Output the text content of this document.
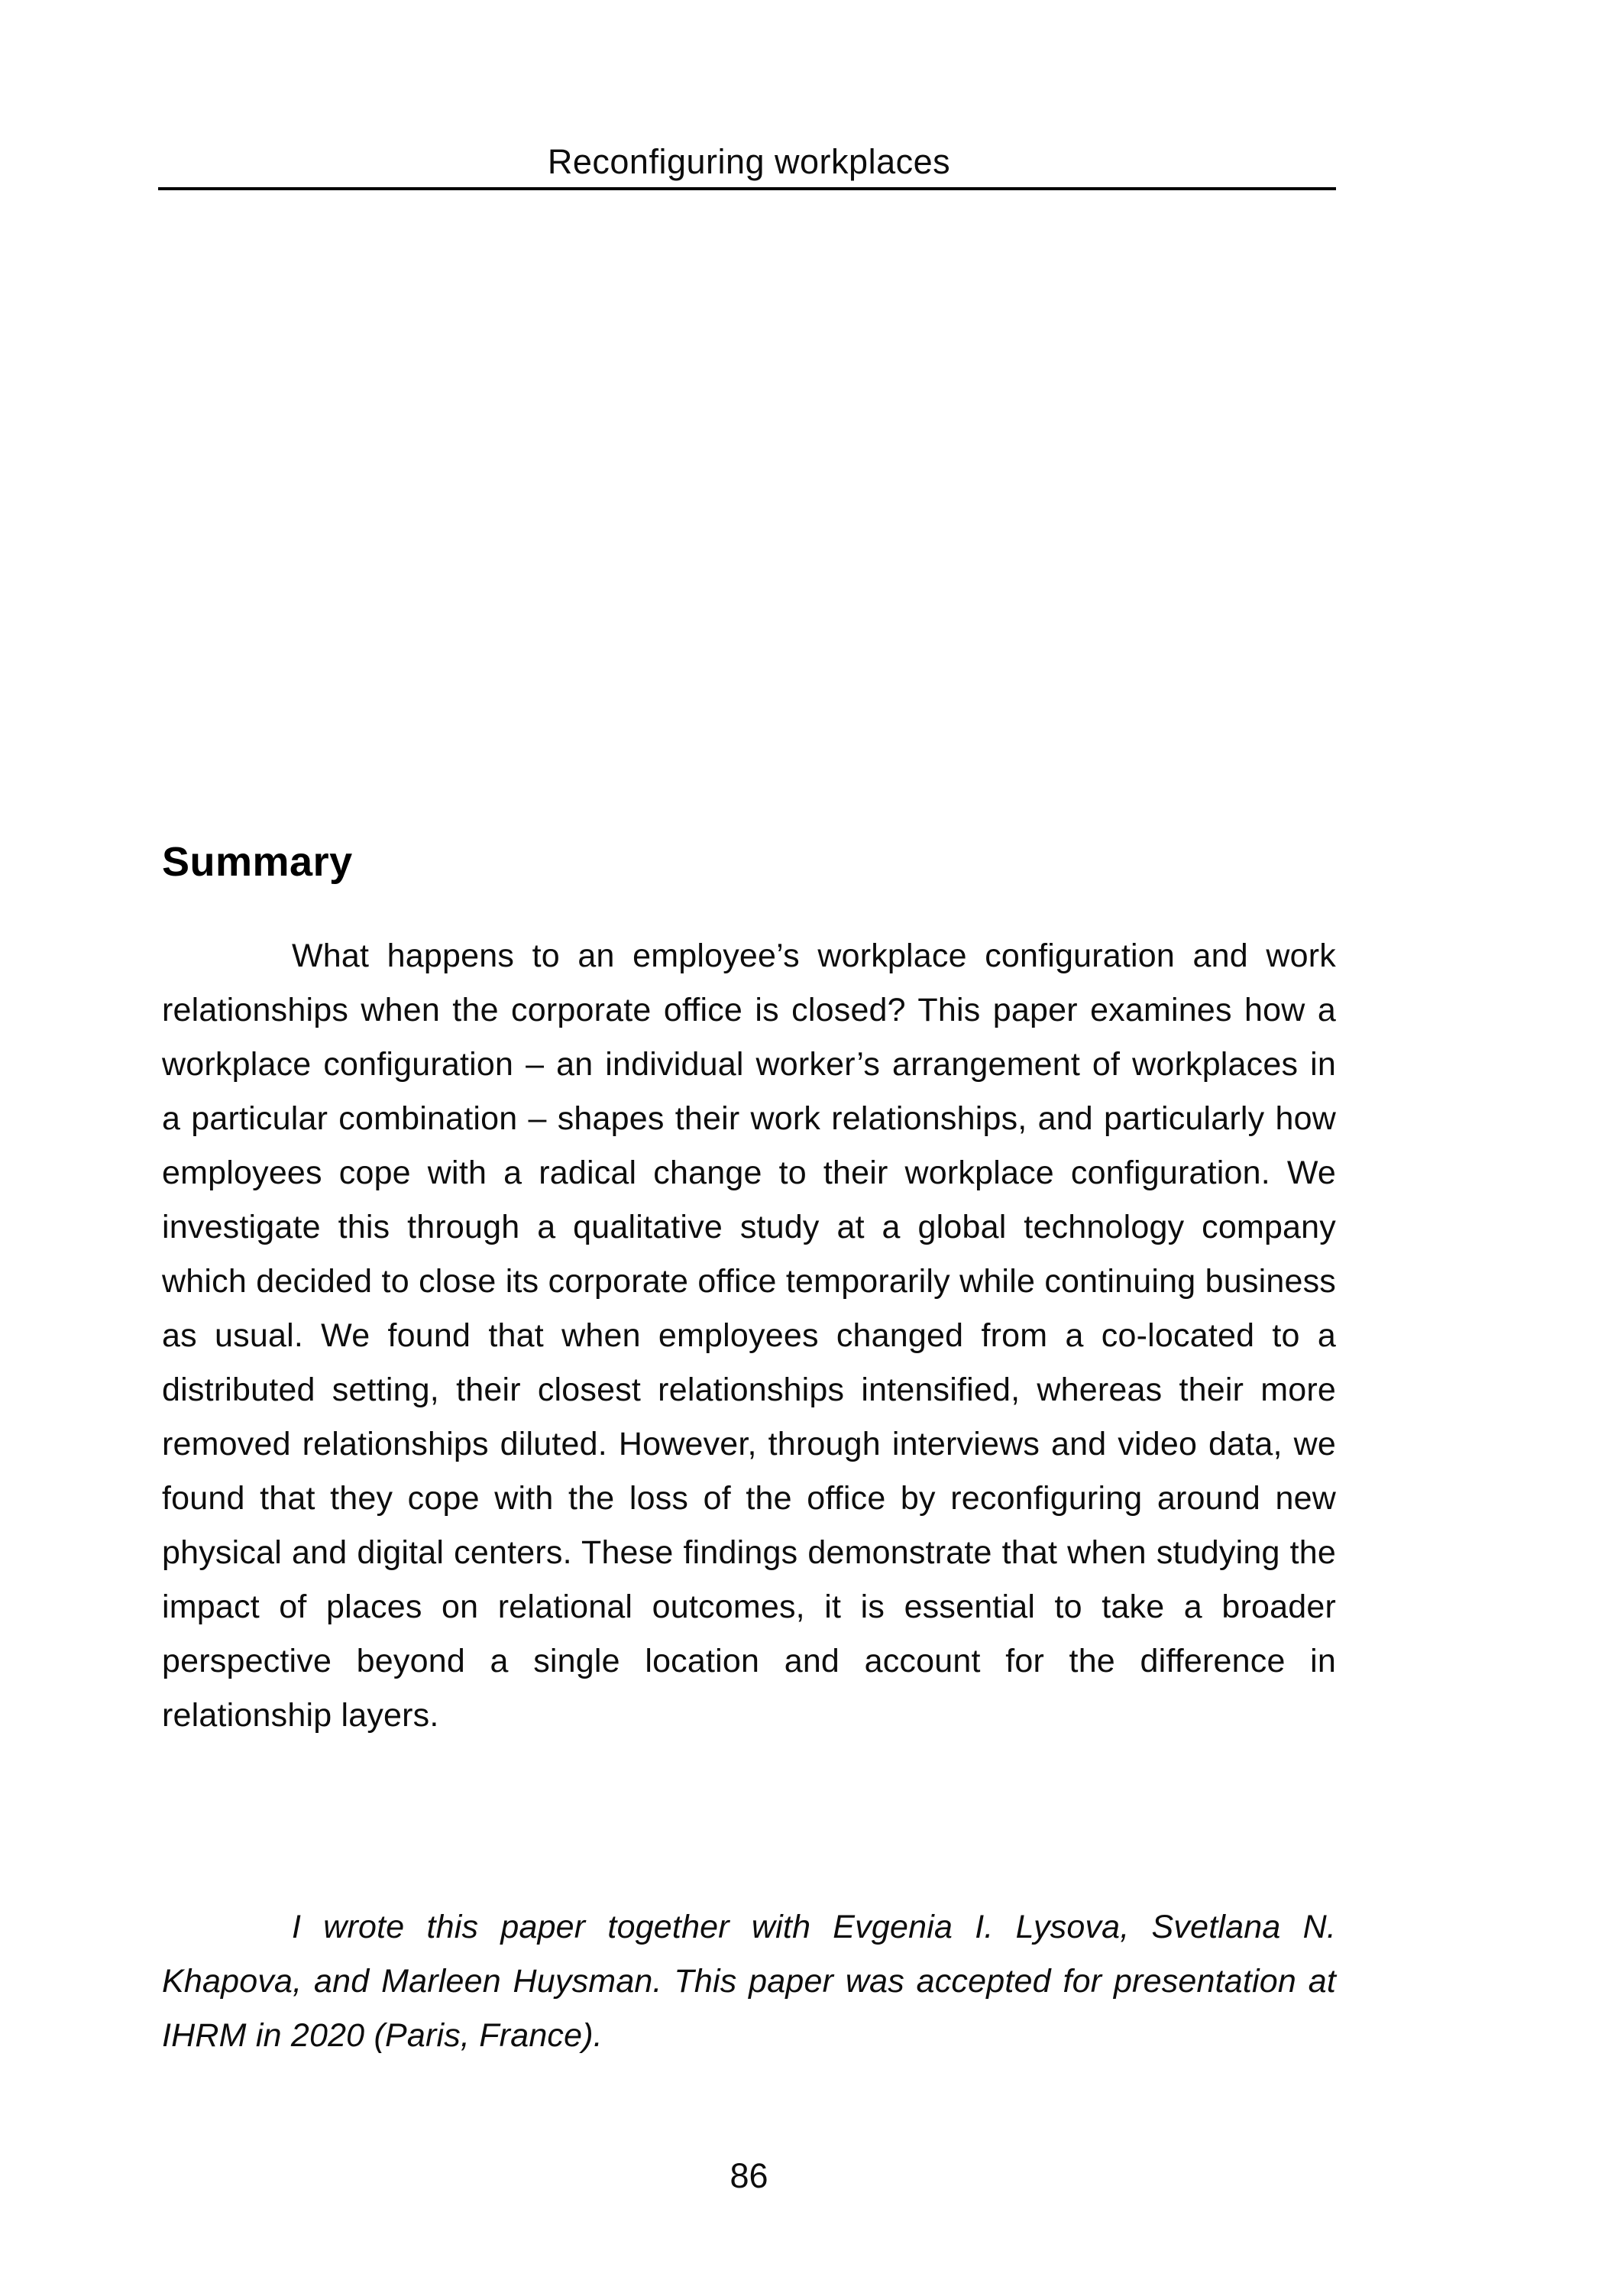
Reconfiguring workplaces
Summary

What happens to an employee’s workplace configuration and work relationships when the corporate office is closed? This paper examines how a workplace configuration – an individual worker’s arrangement of workplaces in a particular combination – shapes their work relationships, and particularly how employees cope with a radical change to their workplace configuration. We investigate this through a qualitative study at a global technology company which decided to close its corporate office temporarily while continuing business as usual. We found that when employees changed from a co-located to a distributed setting, their closest relationships intensified, whereas their more removed relationships diluted. However, through interviews and video data, we found that they cope with the loss of the office by reconfiguring around new physical and digital centers. These findings demonstrate that when studying the impact of places on relational outcomes, it is essential to take a broader perspective beyond a single location and account for the difference in relationship layers.

I wrote this paper together with Evgenia I. Lysova, Svetlana N. Khapova, and Marleen Huysman. This paper was accepted for presentation at IHRM in 2020 (Paris, France).

86
